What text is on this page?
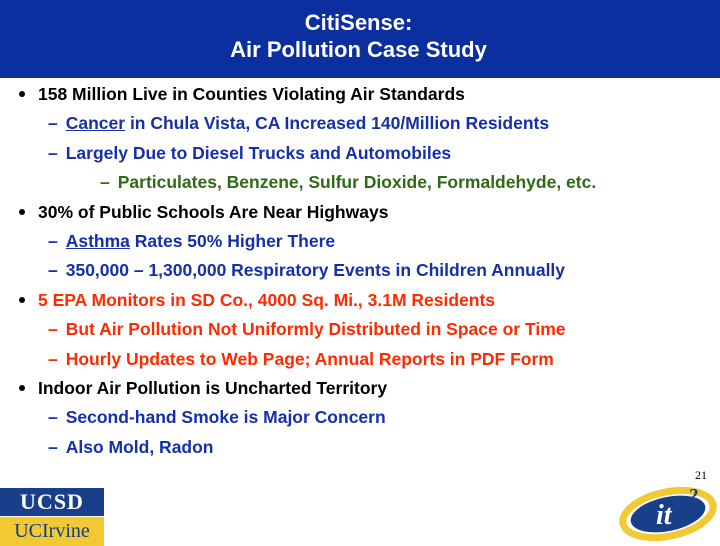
CitiSense:
Air Pollution Case Study
158 Million Live in Counties Violating Air Standards
– Cancer in Chula Vista, CA Increased 140/Million Residents
– Largely Due to Diesel Trucks and Automobiles
– Particulates, Benzene, Sulfur Dioxide, Formaldehyde, etc.
30% of Public Schools Are Near Highways
– Asthma Rates 50% Higher There
– 350,000 – 1,300,000 Respiratory Events in Children Annually
5 EPA Monitors in SD Co., 4000 Sq. Mi., 3.1M Residents
– But Air Pollution Not Uniformly Distributed in Space or Time
– Hourly Updates to Web Page; Annual Reports in PDF Form
Indoor Air Pollution is Uncharted Territory
– Second-hand Smoke is Major Concern
– Also Mold, Radon
21
UCSD
UCIrvine	it
2
